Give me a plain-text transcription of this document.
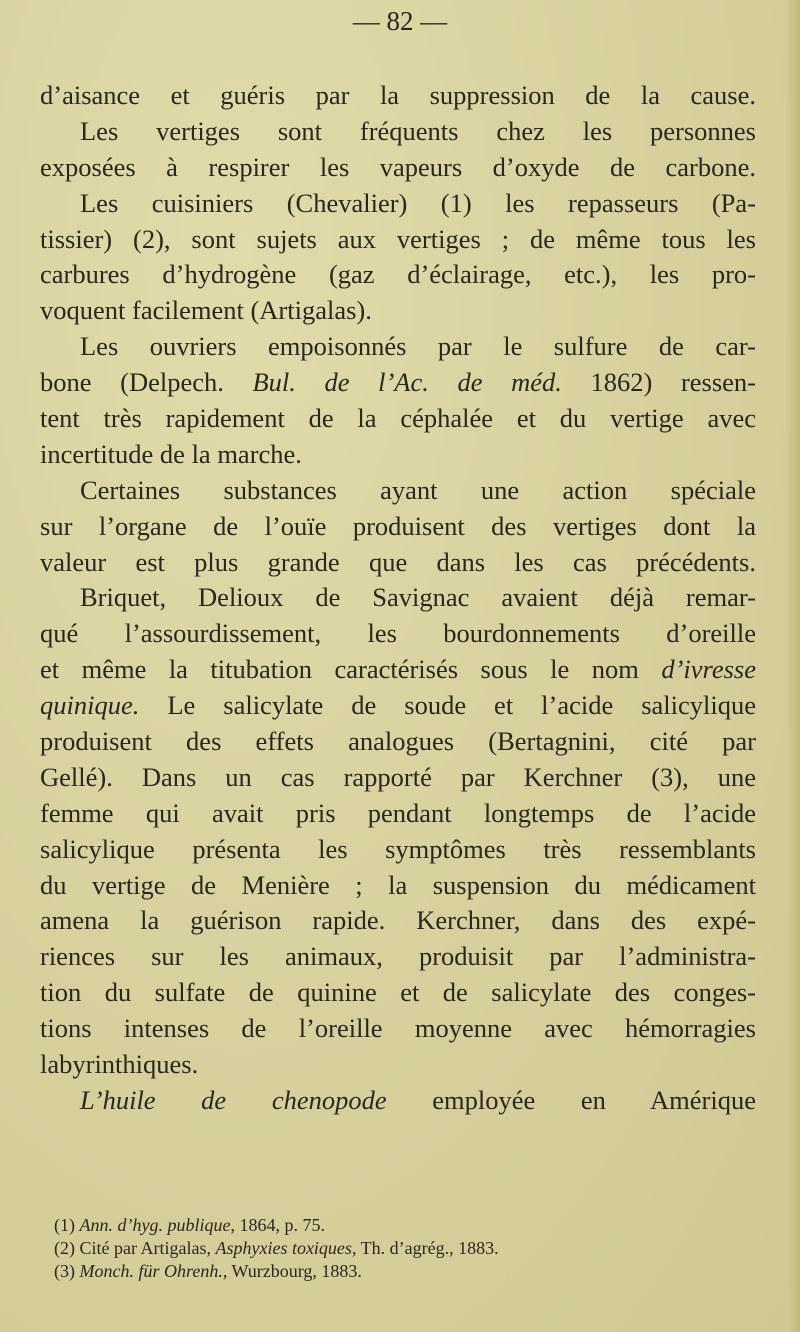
— 82 —
d’aisance et guéris par la suppression de la cause.
Les vertiges sont fréquents chez les personnes
exposées à respirer les vapeurs d’oxyde de carbone.
Les cuisiniers (Chevalier) (1) les repasseurs (Pa-
tissier) (2), sont sujets aux vertiges ; de même tous les
carbures d’hydrogène (gaz d’éclairage, etc.), les pro-
voquent facilement (Artigalas).
Les ouvriers empoisonnés par le sulfure de car-
bone (Delpech. Bul. de l’Ac. de méd. 1862) ressen-
tent très rapidement de la céphalée et du vertige avec
incertitude de la marche.
Certaines substances ayant une action spéciale
sur l’organe de l’ouïe produisent des vertiges dont la
valeur est plus grande que dans les cas précédents.
Briquet, Delioux de Savignac avaient déjà remar-
qué l’assourdissement, les bourdonnements d’oreille
et même la titubation caractérisés sous le nom d’ivresse
quinique. Le salicylate de soude et l’acide salicylique
produisent des effets analogues (Bertagnini, cité par
Gellé). Dans un cas rapporté par Kerchner (3), une
femme qui avait pris pendant longtemps de l’acide
salicylique présenta les symptômes très ressemblants
du vertige de Menière ; la suspension du médicament
amena la guérison rapide. Kerchner, dans des expé-
riences sur les animaux, produisit par l’administra-
tion du sulfate de quinine et de salicylate des conges-
tions intenses de l’oreille moyenne avec hémorragies
labyrinthiques.
L’huile de chenopode employée en Amérique
(1) Ann. d’hyg. publique, 1864, p. 75.
(2) Cité par Artigalas, Asphyxies toxiques, Th. d’agrég., 1883.
(3) Monch. für Ohrenh., Wurzbourg, 1883.
